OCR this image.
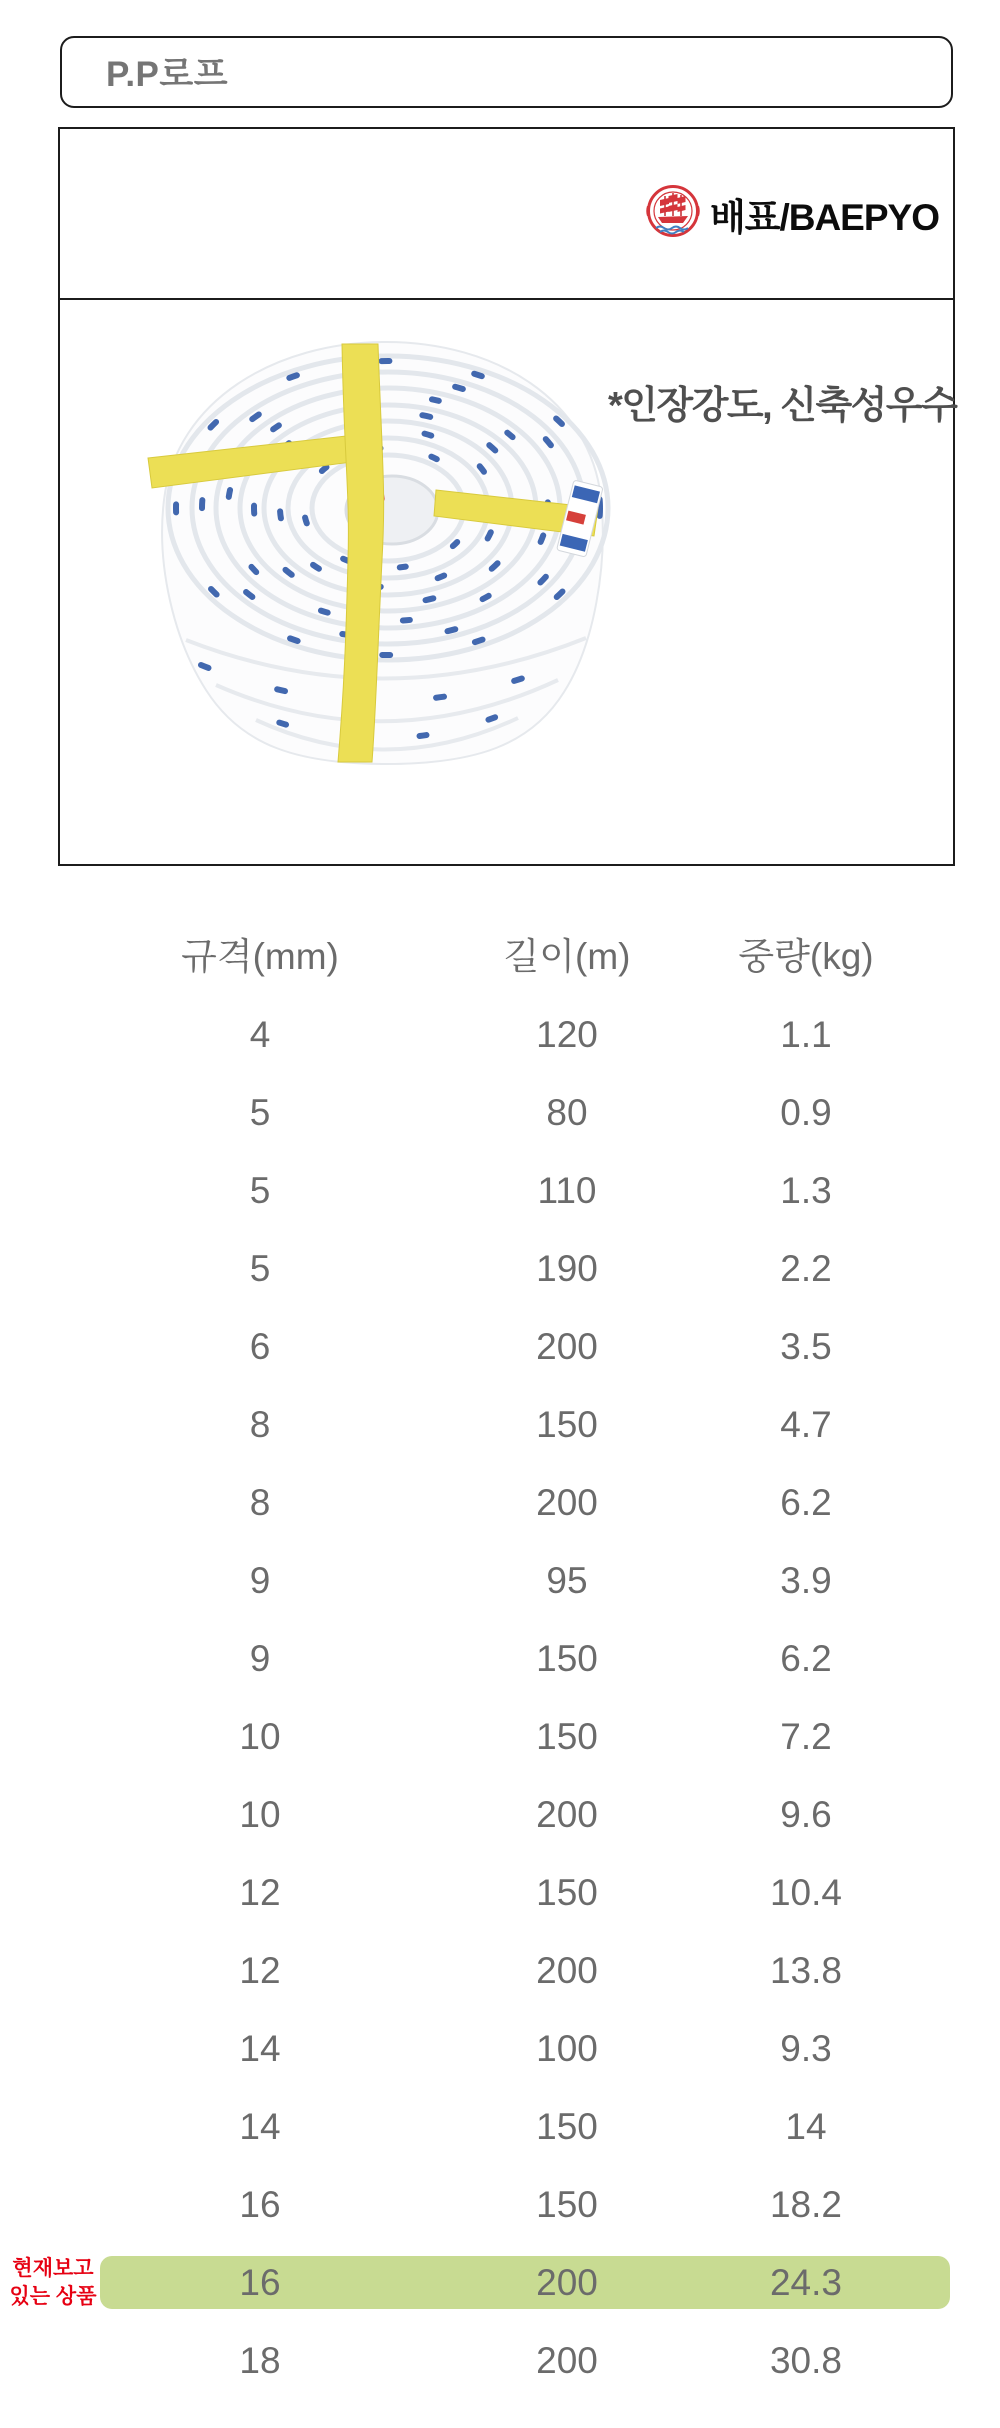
P.P로프
배표/BAEPYO
*인장강도, 신축성우수
규격(mm)	길이(m)	중량(kg)
4	120	1.1
5	80	0.9
5	110	1.3
5	190	2.2
6	200	3.5
8	150	4.7
8	200	6.2
9	95	3.9
9	150	6.2
10	150	7.2
10	200	9.6
12	150	10.4
12	200	13.8
14	100	9.3
14	150	14
16	150	18.2
현재보고
있는 상품	16	200	24.3
18	200	30.8
